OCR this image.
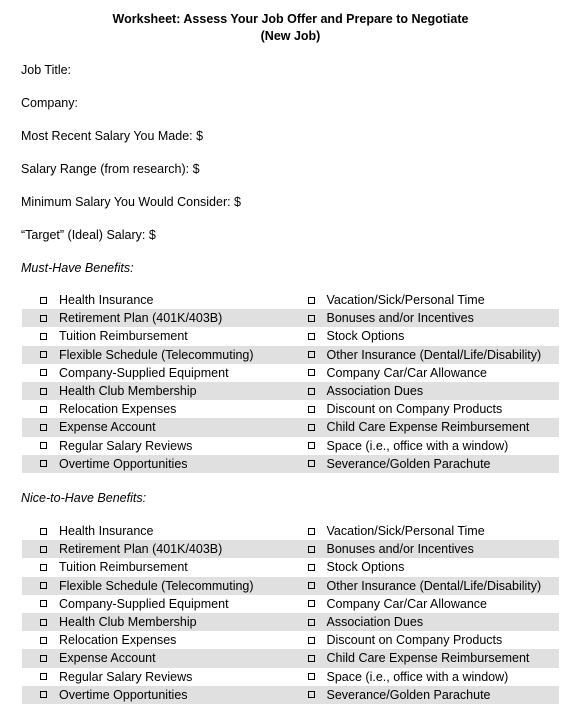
Worksheet: Assess Your Job Offer and Prepare to Negotiate
(New Job)
Job Title:
Company:
Most Recent Salary You Made: $
Salary Range (from research): $
Minimum Salary You Would Consider: $
“Target” (Ideal) Salary: $
Must-Have Benefits:
Health Insurance	Vacation/Sick/Personal Time
Retirement Plan (401K/403B)	Bonuses and/or Incentives
Tuition Reimbursement	Stock Options
Flexible Schedule (Telecommuting)	Other Insurance (Dental/Life/Disability)
Company-Supplied Equipment	Company Car/Car Allowance
Health Club Membership	Association Dues
Relocation Expenses	Discount on Company Products
Expense Account	Child Care Expense Reimbursement
Regular Salary Reviews	Space (i.e., office with a window)
Overtime Opportunities	Severance/Golden Parachute
Nice-to-Have Benefits:
Health Insurance	Vacation/Sick/Personal Time
Retirement Plan (401K/403B)	Bonuses and/or Incentives
Tuition Reimbursement	Stock Options
Flexible Schedule (Telecommuting)	Other Insurance (Dental/Life/Disability)
Company-Supplied Equipment	Company Car/Car Allowance
Health Club Membership	Association Dues
Relocation Expenses	Discount on Company Products
Expense Account	Child Care Expense Reimbursement
Regular Salary Reviews	Space (i.e., office with a window)
Overtime Opportunities	Severance/Golden Parachute
